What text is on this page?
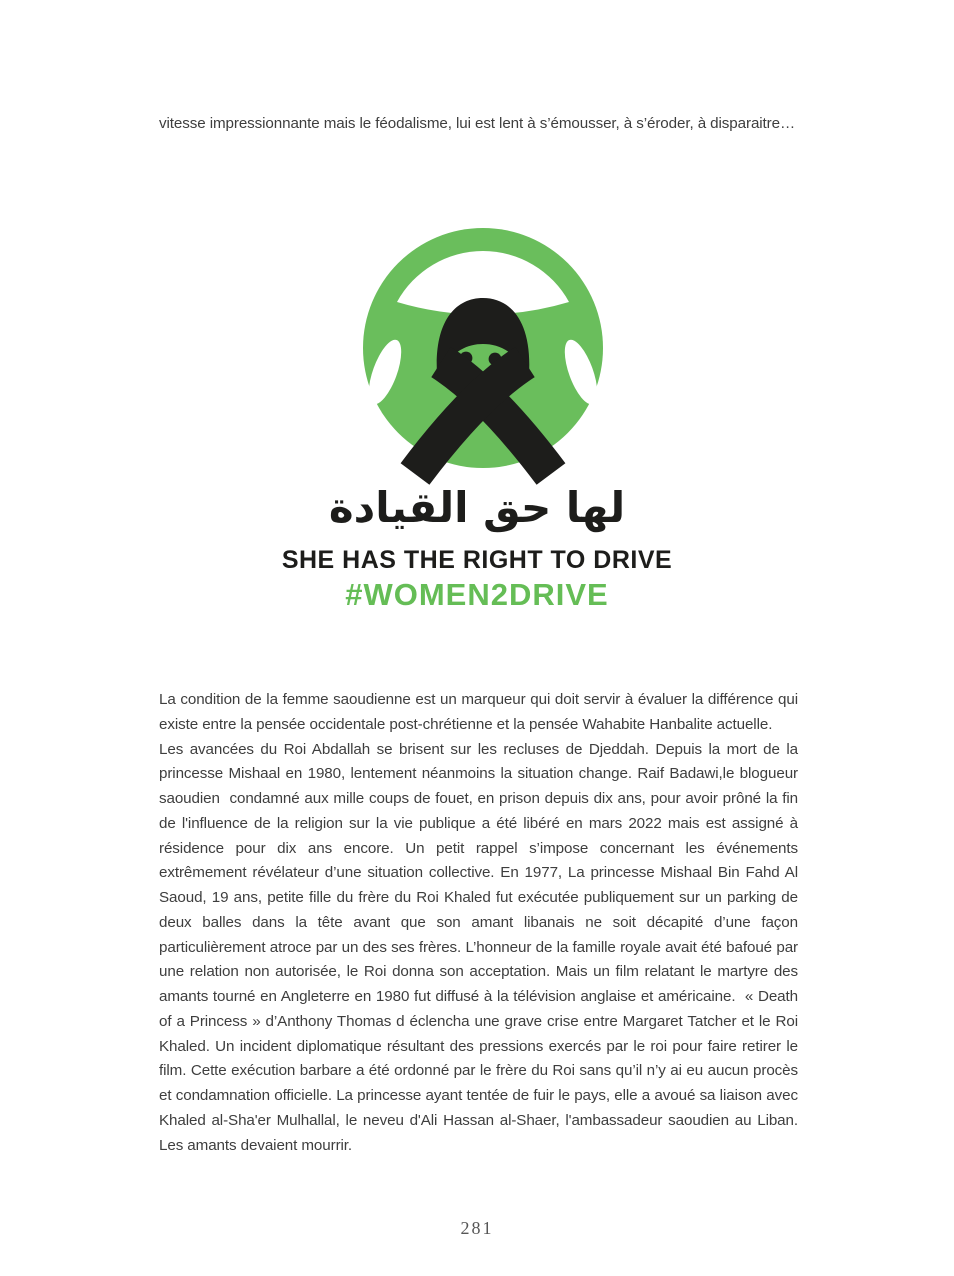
vitesse impressionnante mais le féodalisme, lui est lent à s’émousser, à s’éroder, à disparaitre…

لها حق القيادة
SHE HAS THE RIGHT TO DRIVE
#WOMEN2DRIVE

La condition de la femme saoudienne est un marqueur qui doit servir à évaluer la différence qui existe entre la pensée occidentale post-chrétienne et la pensée Wahabite Hanbalite actuelle.

Les avancées du Roi Abdallah se brisent sur les recluses de Djeddah. Depuis la mort de la princesse Mishaal en 1980, lentement néanmoins la situation change. Raif Badawi,le blogueur saoudien  condamné aux mille coups de fouet, en prison depuis dix ans, pour avoir prôné la fin de l'influence de la religion sur la vie publique a été libéré en mars 2022 mais est assigné à résidence pour dix ans encore. Un petit rappel s’impose concernant les événements extrêmement révélateur d’une situation collective. En 1977, La princesse Mishaal Bin Fahd Al Saoud, 19 ans, petite fille du frère du Roi Khaled fut exécutée publiquement sur un parking de deux balles dans la tête avant que son amant libanais ne soit décapité d’une façon particulièrement atroce par un des ses frères. L’honneur de la famille royale avait été bafoué par une relation non autorisée, le Roi donna son acceptation. Mais un film relatant le martyre des amants tourné en Angleterre en 1980 fut diffusé à la télévision anglaise et américaine.  « Death of a Princess » d’Anthony Thomas d éclencha une grave crise entre Margaret Tatcher et le Roi Khaled. Un incident diplomatique résultant des pressions exercés par le roi pour faire retirer le film. Cette exécution barbare a été ordonné par le frère du Roi sans qu’il n’y ai eu aucun procès et condamnation officielle. La princesse ayant tentée de fuir le pays, elle a avoué sa liaison avec Khaled al-Sha'er Mulhallal, le neveu d'Ali Hassan al-Shaer, l'ambassadeur saoudien au Liban. Les amants devaient mourrir.

281
